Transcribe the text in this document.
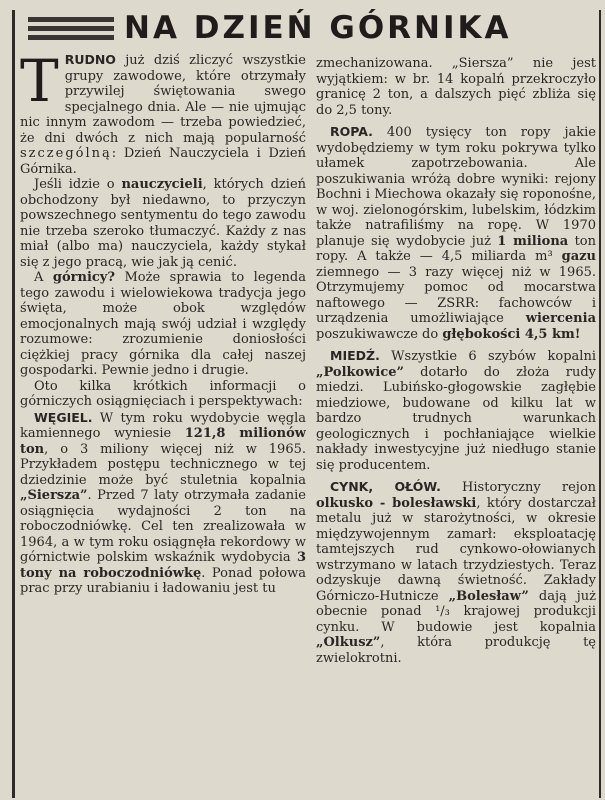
NA DZIEŃ GÓRNIKA

TRUDNO już dziś zliczyć wszystkie grupy zawodowe, które otrzymały przywilej świętowania swego specjalnego dnia. Ale — nie ujmując nic innym zawodom — trzeba powiedzieć, że dni dwóch z nich mają popularność szczególną: Dzień Nauczyciela i Dzień Górnika.

Jeśli idzie o nauczycieli, których dzień obchodzony był niedawno, to przyczyn powszechnego sentymentu do tego zawodu nie trzeba szeroko tłumaczyć. Każdy z nas miał (albo ma) nauczyciela, każdy stykał się z jego pracą, wie jak ją cenić.

A górnicy? Może sprawia to legenda tego zawodu i wielowiekowa tradycja jego święta, może obok względów emocjonalnych mają swój udział i względy rozumowe: zrozumienie doniosłości ciężkiej pracy górnika dla całej naszej gospodarki. Pewnie jedno i drugie.

Oto kilka krótkich informacji o górniczych osiągnięciach i perspektywach:

WĘGIEL. W tym roku wydobycie węgla kamiennego wyniesie 121,8 milionów ton, o 3 miliony więcej niż w 1965. Przykładem postępu technicznego w tej dziedzinie może być stuletnia kopalnia „Siersza”. Przed 7 laty otrzymała zadanie osiągnięcia wydajności 2 ton na roboczodniówkę. Cel ten zrealizowała w 1964, a w tym roku osiągnęła rekordowy w górnictwie polskim wskaźnik wydobycia 3 tony na roboczodniówkę. Ponad połowa prac przy urabianiu i ładowaniu jest tu

zmechanizowana. „Siersza” nie jest wyjątkiem: w br. 14 kopalń przekroczyło granicę 2 ton, a dalszych pięć zbliża się do 2,5 tony.

ROPA. 400 tysięcy ton ropy jakie wydobędziemy w tym roku pokrywa tylko ułamek zapotrzebowania. Ale poszukiwania wróżą dobre wyniki: rejony Bochni i Miechowa okazały się roponośne, w woj. zielonogórskim, lubelskim, łódzkim także natrafiliśmy na ropę. W 1970 planuje się wydobycie już 1 miliona ton ropy. A także — 4,5 miliarda m³ gazu ziemnego — 3 razy więcej niż w 1965. Otrzymujemy pomoc od mocarstwa naftowego — ZSRR: fachowców i urządzenia umożliwiające wiercenia poszukiwawcze do głębokości 4,5 km!

MIEDŹ. Wszystkie 6 szybów kopalni „Polkowice” dotarło do złoża rudy miedzi. Lubińsko-głogowskie zagłębie miedziowe, budowane od kilku lat w bardzo trudnych warunkach geologicznych i pochłaniające wielkie nakłady inwestycyjne już niedługo stanie się producentem.

CYNK, OŁÓW. Historyczny rejon olkusko - bolesławski, który dostarczał metalu już w starożytności, w okresie międzywojennym zamarł: eksploatację tamtejszych rud cynkowo-ołowianych wstrzymano w latach trzydziestych. Teraz odzyskuje dawną świetność. Zakłady Górniczo-Hutnicze „Bolesław” dają już obecnie ponad ¹/₃ krajowej produkcji cynku. W budowie jest kopalnia „Olkusz”, która produkcję tę zwielokrotni.
